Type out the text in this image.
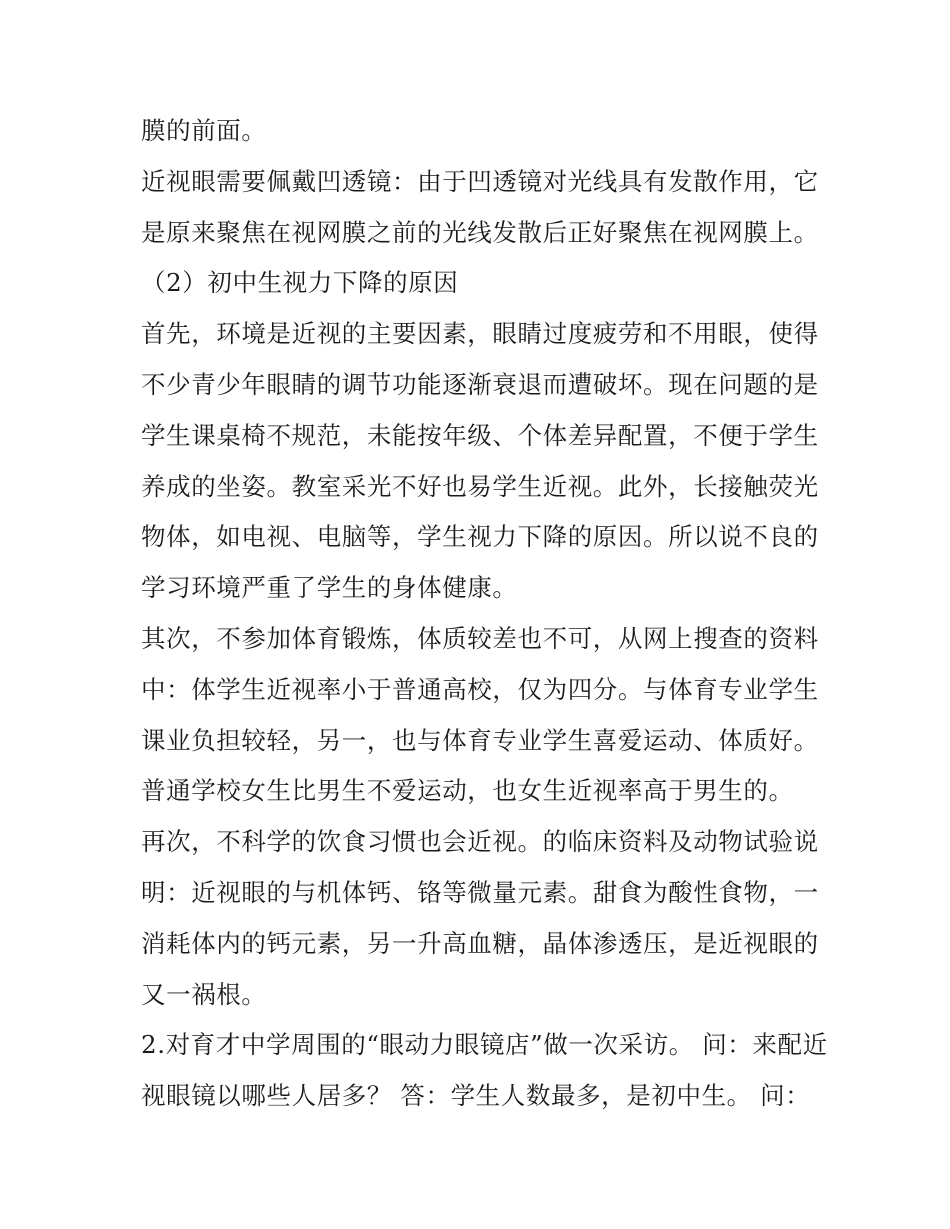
膜的前面。
近视眼需要佩戴凹透镜：由于凹透镜对光线具有发散作用，它
是原来聚焦在视网膜之前的光线发散后正好聚焦在视网膜上。
（2）初中生视力下降的原因
首先，环境是近视的主要因素，眼睛过度疲劳和不用眼，使得
不少青少年眼睛的调节功能逐渐衰退而遭破坏。现在问题的是
学生课桌椅不规范，未能按年级、个体差异配置，不便于学生
养成的坐姿。教室采光不好也易学生近视。此外，长接触荧光
物体，如电视、电脑等，学生视力下降的原因。所以说不良的
学习环境严重了学生的身体健康。
其次，不参加体育锻炼，体质较差也不可，从网上搜查的资料
中：体学生近视率小于普通高校，仅为四分。与体育专业学生
课业负担较轻，另一，也与体育专业学生喜爱运动、体质好。
普通学校女生比男生不爱运动，也女生近视率高于男生的。
再次，不科学的饮食习惯也会近视。的临床资料及动物试验说
明：近视眼的与机体钙、铬等微量元素。甜食为酸性食物，一
消耗体内的钙元素，另一升高血糖，晶体渗透压，是近视眼的
又一祸根。
2.对育才中学周围的“眼动力眼镜店”做一次采访。 问：来配近
视眼镜以哪些人居多？ 答：学生人数最多，是初中生。 问：
